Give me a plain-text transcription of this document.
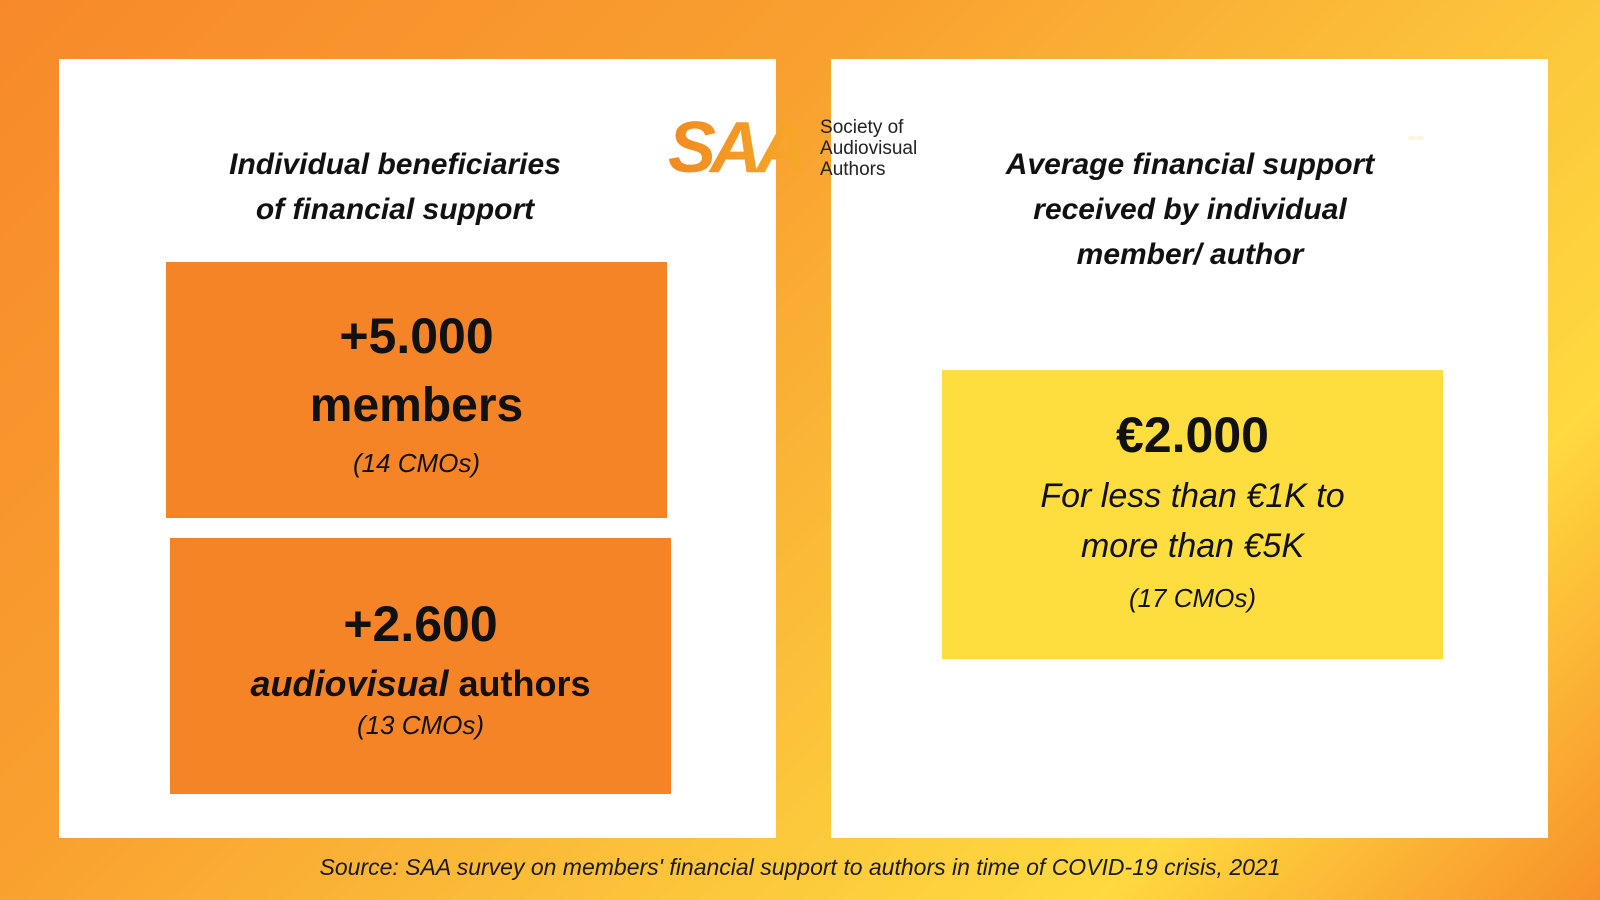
SAA Society of
Audiovisual
Authors
Individual beneficiaries
of financial support
Average financial support
received by individual
member/ author
+5.000
members
(14 CMOs)
+2.600
audiovisual authors
(13 CMOs)
€2.000
For less than €1K to
more than €5K
(17 CMOs)
Source: SAA survey on members' financial support to authors in time of COVID-19 crisis, 2021
